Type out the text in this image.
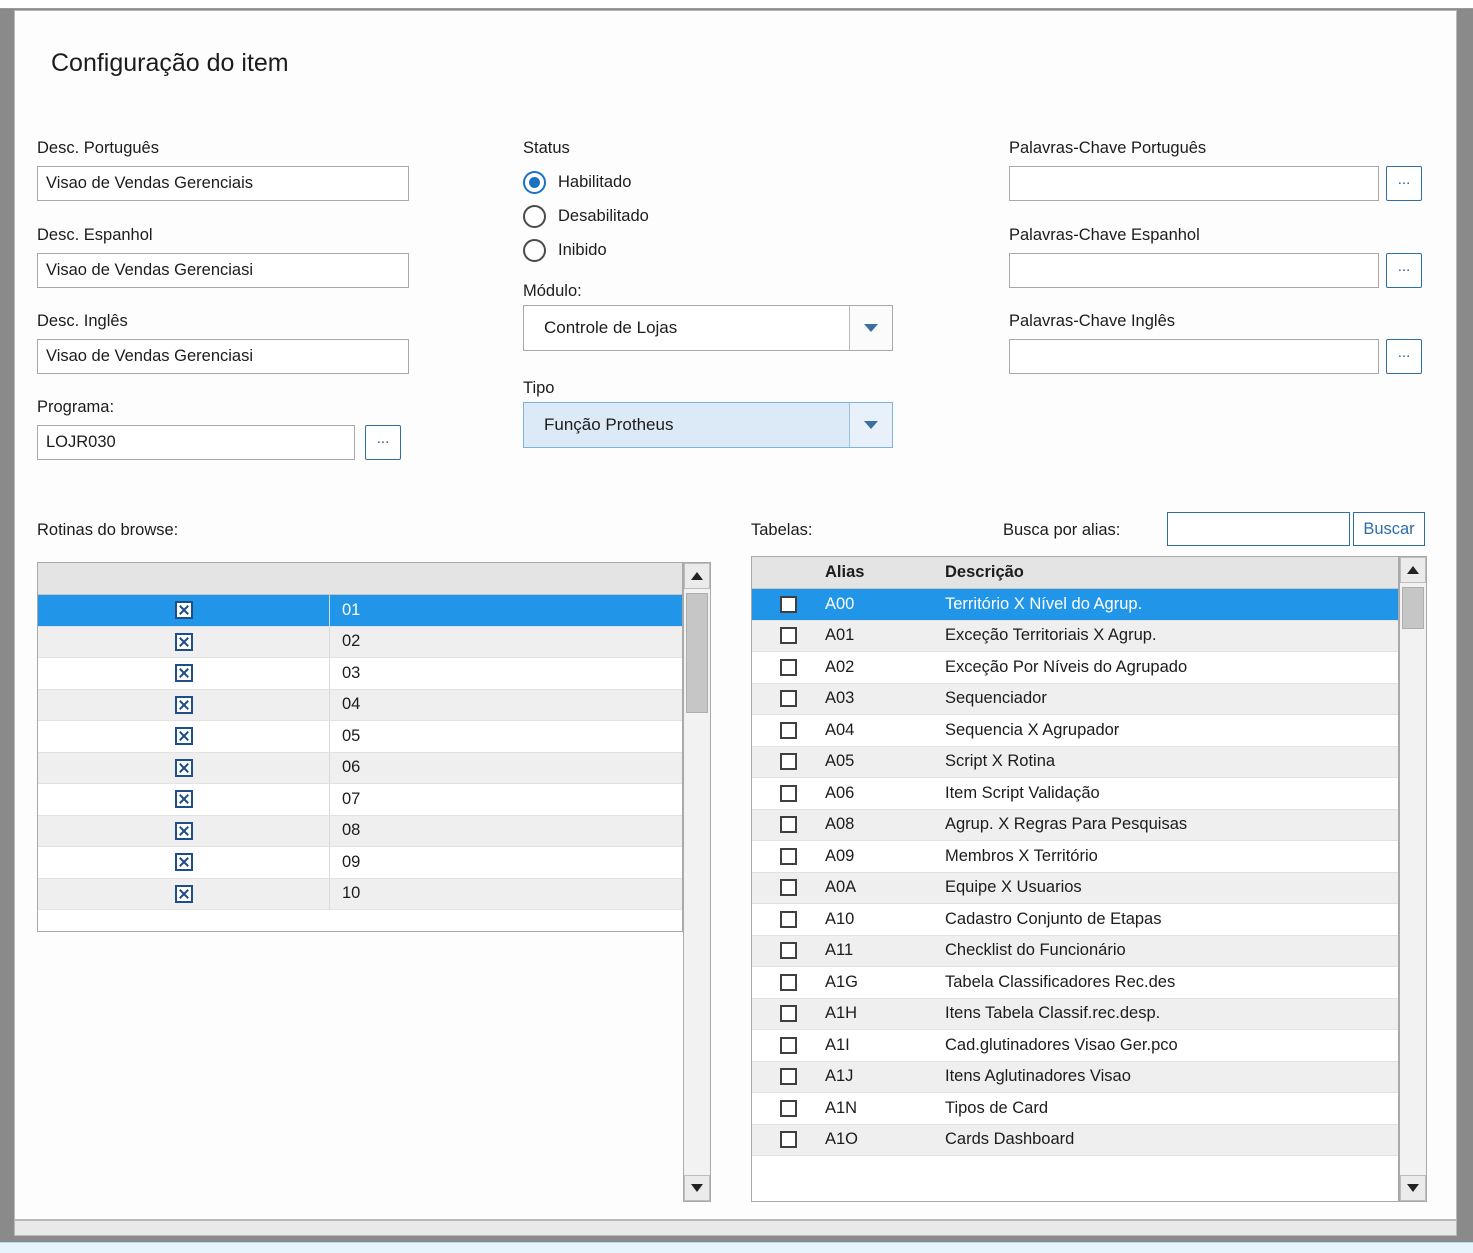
Configuração do item
Desc. Português
Visao de Vendas Gerenciais
Desc. Espanhol
Visao de Vendas Gerenciasi
Desc. Inglês
Visao de Vendas Gerenciasi
Programa:
LOJR030	...
Status
Habilitado
Desabilitado
Inibido
Módulo:
Controle de Lojas
Tipo
Função Protheus
Palavras-Chave Português
...
Palavras-Chave Espanhol
...
Palavras-Chave Inglês
...
Rotinas do browse:
01
02
03
04
05
06
07
08
09
10
Tabelas:	Busca por alias:	Buscar
Alias	Descrição
A00	Território X Nível do Agrup.
A01	Exceção Territoriais X Agrup.
A02	Exceção Por Níveis do Agrupado
A03	Sequenciador
A04	Sequencia X Agrupador
A05	Script X Rotina
A06	Item Script Validação
A08	Agrup. X Regras Para Pesquisas
A09	Membros X Território
A0A	Equipe X Usuarios
A10	Cadastro Conjunto de Etapas
A11	Checklist do Funcionário
A1G	Tabela Classificadores Rec.des
A1H	Itens Tabela Classif.rec.desp.
A1I	Cad.glutinadores Visao Ger.pco
A1J	Itens Aglutinadores Visao
A1N	Tipos de Card
A1O	Cards Dashboard
